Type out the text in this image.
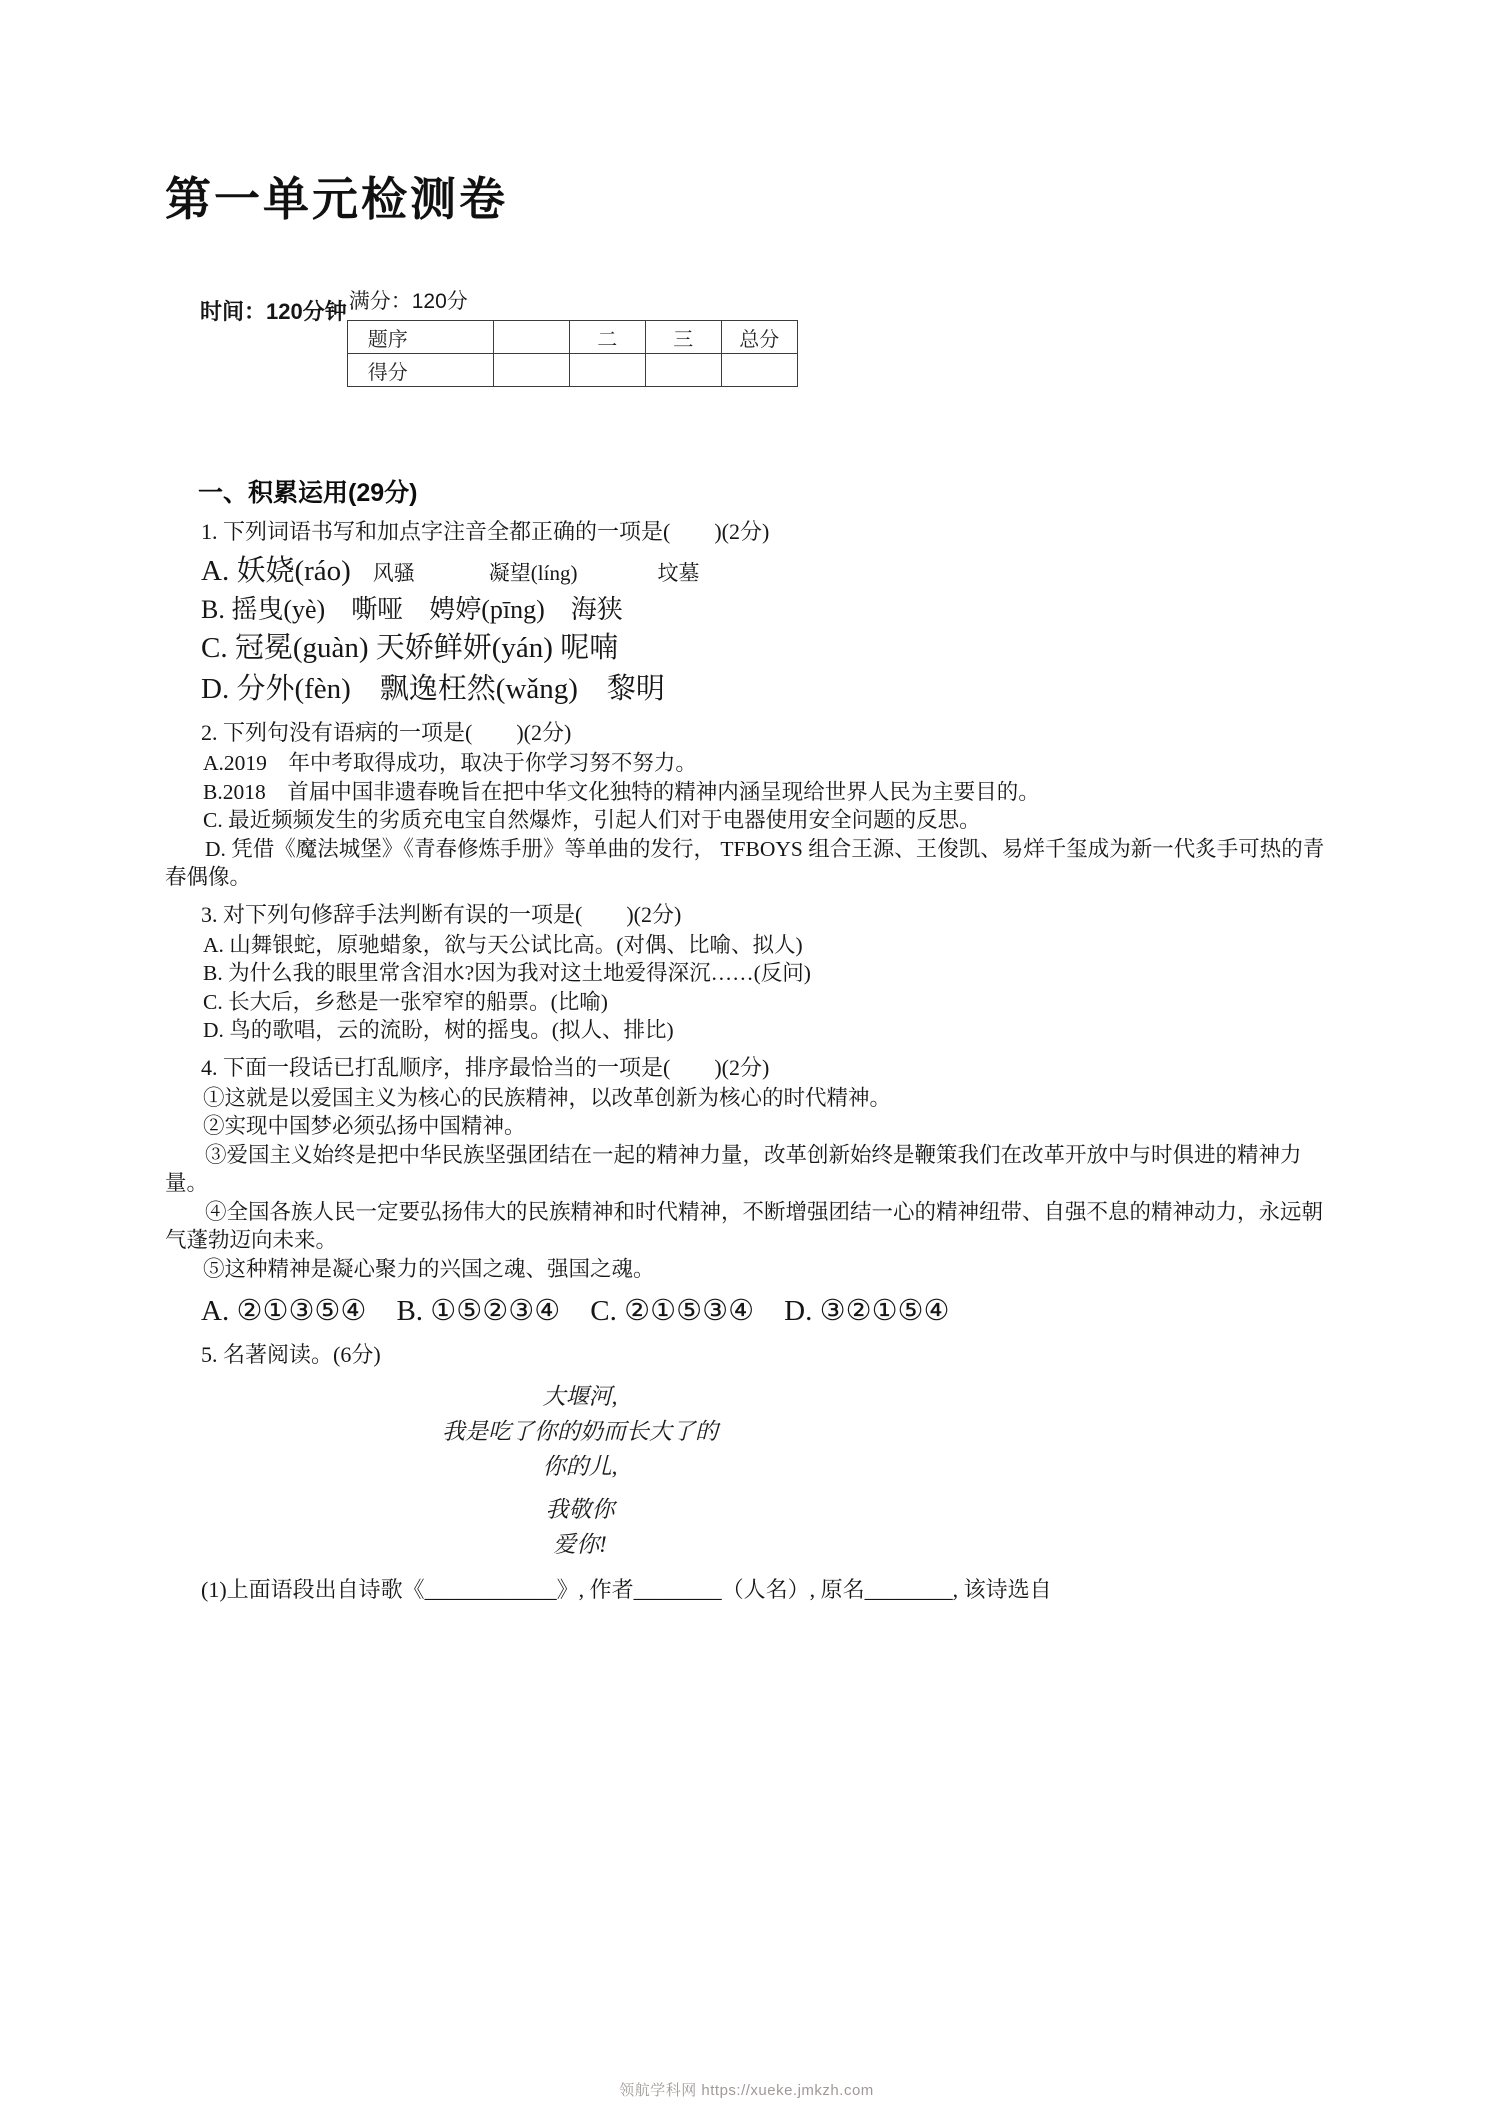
第一单元检测卷
时间：120分钟 满分：120分
题序		二	三	总分
得分				
一、积累运用(29分)

1. 下列词语书写和加点字注音全都正确的一项是(　　)(2分)

A. 妖娆(ráo) 风骚	凝望(líng)	坟墓

B. 摇曳(yè)　嘶哑　娉婷(pīng)　海狭

C. 冠冕(guàn) 天娇鲜妍(yán) 呢喃

D. 分外(fèn)　飘逸枉然(wǎng)　黎明

2. 下列句没有语病的一项是(　　)(2分)

A.2019　年中考取得成功，取决于你学习努不努力。

B.2018　首届中国非遗春晚旨在把中华文化独特的精神内涵呈现给世界人民为主要目的。

C. 最近频频发生的劣质充电宝自然爆炸，引起人们对于电器使用安全问题的反思。

D. 凭借《魔法城堡》《青春修炼手册》等单曲的发行， TFBOYS 组合王源、王俊凯、易烊千玺成为新一代炙手可热的青春偶像。

3. 对下列句修辞手法判断有误的一项是(　　)(2分)

A. 山舞银蛇，原驰蜡象，欲与天公试比高。(对偶、比喻、拟人)

B. 为什么我的眼里常含泪水?因为我对这土地爱得深沉……(反问)

C. 长大后，乡愁是一张窄窄的船票。(比喻)

D. 鸟的歌唱，云的流盼，树的摇曳。(拟人、排比)

4. 下面一段话已打乱顺序，排序最恰当的一项是(　　)(2分)

①这就是以爱国主义为核心的民族精神，以改革创新为核心的时代精神。

②实现中国梦必须弘扬中国精神。

③爱国主义始终是把中华民族坚强团结在一起的精神力量，改革创新始终是鞭策我们在改革开放中与时俱进的精神力量。

④全国各族人民一定要弘扬伟大的民族精神和时代精神，不断增强团结一心的精神纽带、自强不息的精神动力，永远朝气蓬勃迈向未来。

⑤这种精神是凝心聚力的兴国之魂、强国之魂。

A. ②①③⑤④ B. ①⑤②③④ C. ②①⑤③④ D. ③②①⑤④

5. 名著阅读。(6分)

大堰河,
我是吃了你的奶而长大了的
你的儿,
我敬你
爱你!

(1)上面语段出自诗歌《____________》, 作者________（人名）, 原名________, 该诗选自

领航学科网 https://xueke.jmkzh.com
